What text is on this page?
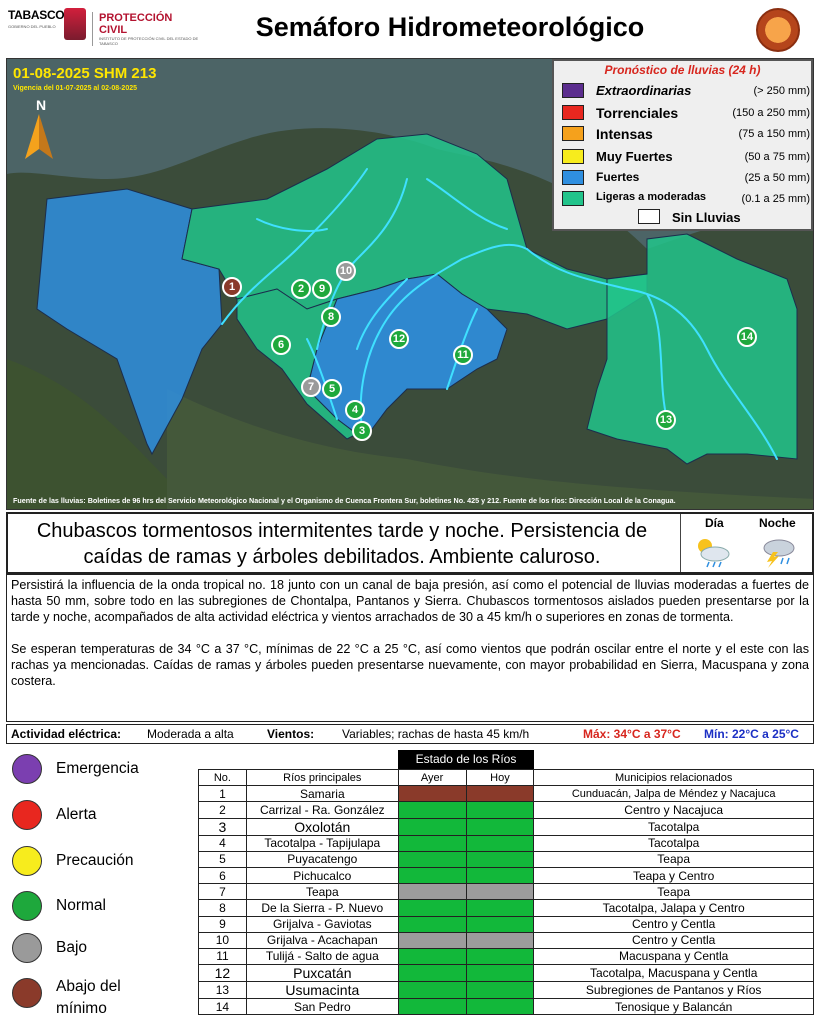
TABASCO
GOBIERNO DEL PUEBLO
PROTECCIÓN CIVIL
INSTITUTO DE PROTECCIÓN CIVIL DEL ESTADO DE TABASCO
Semáforo Hidrometeorológico
01-08-2025 SHM 213
Vigencia del 01-07-2025 al 02-08-2025
N
Pronóstico de lluvias (24 h)
Extraordinarias	(> 250 mm)
Torrenciales	(150 a 250 mm)
Intensas	(75 a 150 mm)
Muy Fuertes	(50 a 75 mm)
Fuertes	(25 a 50 mm)
Ligeras a moderadas	(0.1 a 25 mm)
Sin Lluvias
1	2
3
4
5
6
7
8
9
10
11
12
13
14
Fuente de las lluvias: Boletines de 96 hrs del Servicio Meteorológico Nacional y el Organismo de Cuenca Frontera Sur, boletines No. 425 y 212. Fuente de los ríos: Dirección Local de la Conagua.
Chubascos tormentosos intermitentes tarde y noche. Persistencia de caídas de ramas y árboles debilitados. Ambiente caluroso.
Día	Noche

Persistirá la influencia de la onda tropical no. 18 junto con un canal de baja presión, así como el potencial de lluvias moderadas a fuertes de hasta 50 mm, sobre todo en las subregiones de Chontalpa, Pantanos y Sierra. Chubascos tormentosos aislados pueden presentarse por la tarde y noche, acompañados de alta actividad eléctrica y vientos arrachados de 30 a 45 km/h o superiores en zonas de tormenta.

Se esperan temperaturas de 34 °C a 37 °C, mínimas de 22 °C a 25 °C, así como vientos que podrán oscilar entre el norte y el este con las rachas ya mencionadas. Caídas de ramas y árboles pueden presentarse nuevamente, con mayor probabilidad en Sierra, Macuspana y zona costera.

Actividad eléctrica: Moderada a alta	Vientos: Variables; rachas de hasta 45 km/h	Máx: 34°C a 37°C Mín: 22°C a 25°C
Emergencia
Alerta
Precaución
Normal
Bajo
Abajo del
mínimo
Estado de los Ríos
No.	Ríos principales	Ayer	Hoy	Municipios relacionados
1	Samaria			Cunduacán, Jalpa de Méndez y Nacajuca
2	Carrizal - Ra. González			Centro y Nacajuca
3	Oxolotán			Tacotalpa
4	Tacotalpa - Tapijulapa			Tacotalpa
5	Puyacatengo			Teapa
6	Pichucalco			Teapa y Centro
7	Teapa			Teapa
8	De la Sierra - P. Nuevo			Tacotalpa, Jalapa y Centro
9	Grijalva - Gaviotas			Centro y Centla
10	Grijalva - Acachapan			Centro y Centla
11	Tulijá - Salto de agua			Macuspana y Centla
12	Puxcatán			Tacotalpa, Macuspana y Centla
13	Usumacinta			Subregiones de Pantanos y Ríos
14	San Pedro			Tenosique y Balancán
